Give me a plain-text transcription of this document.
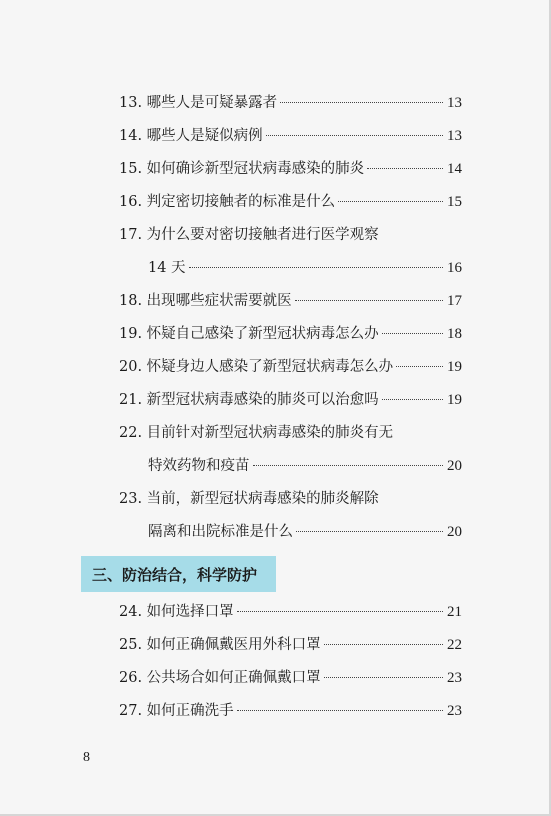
13. 哪些人是可疑暴露者	13
14. 哪些人是疑似病例	13
15. 如何确诊新型冠状病毒感染的肺炎	14
16. 判定密切接触者的标准是什么	15
17. 为什么要对密切接触者进行医学观察
14 天	16
18. 出现哪些症状需要就医	17
19. 怀疑自己感染了新型冠状病毒怎么办	18
20. 怀疑身边人感染了新型冠状病毒怎么办	19
21. 新型冠状病毒感染的肺炎可以治愈吗	19
22. 目前针对新型冠状病毒感染的肺炎有无
特效药物和疫苗	20
23. 当前，新型冠状病毒感染的肺炎解除
隔离和出院标准是什么	20
三、防治结合，科学防护
24. 如何选择口罩	21
25. 如何正确佩戴医用外科口罩	22
26. 公共场合如何正确佩戴口罩	23
27. 如何正确洗手	23
8
